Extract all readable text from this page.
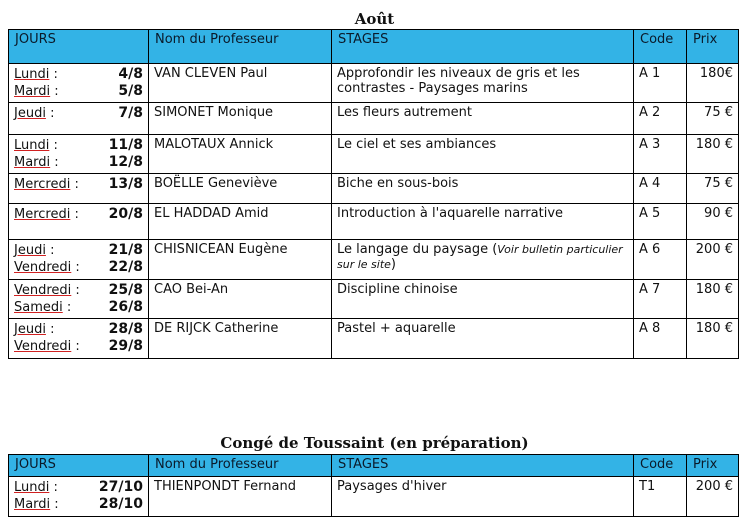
Août
JOURS	Nom du Professeur	STAGES	Code	Prix

Lundi : 4/8
Mardi : 5/8	VAN CLEVEN Paul	Approfondir les niveaux de gris et les contrastes - Paysages marins	A 1	180€

Jeudi : 7/8	SIMONET Monique	Les fleurs autrement	A 2	75 €

Lundi : 11/8
Mardi : 12/8	MALOTAUX Annick	Le ciel et ses ambiances	A 3	180 €

Mercredi : 13/8	BOËLLE Geneviève	Biche en sous-bois	A 4	75 €

Mercredi : 20/8	EL HADDAD Amid	Introduction à l'aquarelle narrative	A 5	90 €

Jeudi : 21/8
Vendredi : 22/8	CHISNICEAN Eugène	Le langage du paysage (Voir bulletin particulier sur le site)	A 6	200 €

Vendredi : 25/8
Samedi : 26/8	CAO Bei-An	Discipline chinoise	A 7	180 €

Jeudi : 28/8
Vendredi : 29/8	DE RIJCK Catherine	Pastel + aquarelle	A 8	180 €
Congé de Toussaint (en préparation)
JOURS	Nom du Professeur	STAGES	Code	Prix

Lundi : 27/10
Mardi : 28/10	THIENPONDT Fernand	Paysages d'hiver	T1	200 €
